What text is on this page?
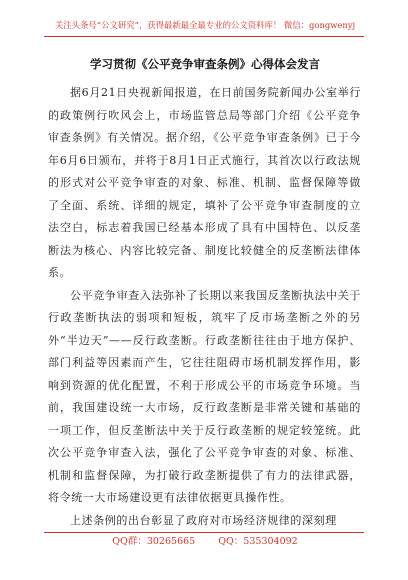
关注头条号“公文研究”，获得最新最全最专业的公文资料库！ 微信：gongwenyj
学习贯彻《公平竞争审查条例》心得体会发言

据6月21日央视新闻报道，在日前国务院新闻办公室举行的政策例行吹风会上，市场监管总局等部门介绍《公平竞争审查条例》有关情况。据介绍，《公平竞争审查条例》已于今年6月6日颁布，并将于8月1日正式施行，其首次以行政法规的形式对公平竞争审查的对象、标准、机制、监督保障等做了全面、系统、详细的规定，填补了公平竞争审查制度的立法空白，标志着我国已经基本形成了具有中国特色、以反垄断法为核心、内容比较完备、制度比较健全的反垄断法律体系。

公平竞争审查入法弥补了长期以来我国反垄断执法中关于行政垄断执法的弱项和短板，筑牢了反市场垄断之外的另外“半边天”——反行政垄断。行政垄断往往由于地方保护、部门利益等因素而产生，它往往阻碍市场机制发挥作用，影响到资源的优化配置，不利于形成公平的市场竞争环境。当前，我国建设统一大市场，反行政垄断是非常关键和基础的一项工作，但反垄断法中关于反行政垄断的规定较笼统。此次公平竞争审查入法，强化了公平竞争审查的对象、标准、机制和监督保障，为打破行政垄断提供了有力的法律武器，将令统一大市场建设更有法律依据更具操作性。

上述条例的出台彰显了政府对市场经济规律的深刻理

QQ群：30265665 QQ：535304092
